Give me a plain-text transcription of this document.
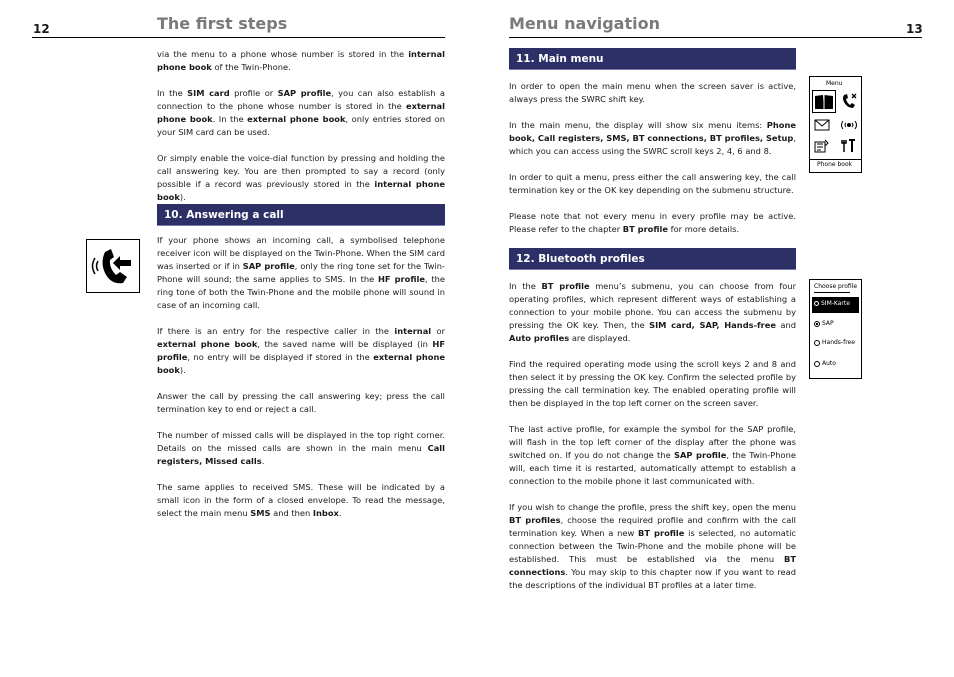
12	The first steps

via the menu to a phone whose number is stored in the internal phone book of the Twin-Phone.

In the SIM card profile or SAP profile, you can also establish a connection to the phone whose number is stored in the external phone book. In the external phone book, only entries stored on your SIM card can be used.

Or simply enable the voice-dial function by pressing and holding the call answering key. You are then prompted to say a record (only possible if a record was previously stored in the internal phone book).

10. Answering a call

If your phone shows an incoming call, a symbolised telephone receiver icon will be displayed on the Twin-Phone. When the SIM card was inserted or if in SAP profile, only the ring tone set for the Twin-Phone will sound; the same applies to SMS. In the HF profile, the ring tone of both the Twin-Phone and the mobile phone will sound in case of an incoming call.

If there is an entry for the respective caller in the internal or external phone book, the saved name will be displayed (in HF profile, no entry will be displayed if stored in the external phone book).

Answer the call by pressing the call answering key; press the call termination key to end or reject a call.

The number of missed calls will be displayed in the top right corner. Details on the missed calls are shown in the main menu Call registers, Missed calls.

The same applies to received SMS. These will be indicated by a small icon in the form of a closed envelope. To read the message, select the main menu SMS and then Inbox.

Menu navigation	13
11. Main menu

In order to open the main menu when the screen saver is active, always press the SWRC shift key.

In the main menu, the display will show six menu items: Phone book, Call registers, SMS, BT connections, BT profiles, Setup, which you can access using the SWRC scroll keys 2, 4, 6 and 8.

In order to quit a menu, press either the call answering key, the call termination key or the OK key depending on the submenu structure.

Please note that not every menu in every profile may be active. Please refer to the chapter BT profile for more details.

12. Bluetooth profiles

In the BT profile menu’s submenu, you can choose from four operating profiles, which represent different ways of establishing a connection to your mobile phone. You can access the submenu by pressing the OK key. Then, the SIM card, SAP, Hands-free and Auto profiles are displayed.

Find the required operating mode using the scroll keys 2 and 8 and then select it by pressing the OK key. Confirm the selected profile by pressing the call termination key. The enabled operating profile will then be displayed in the top left corner on the screen saver.

The last active profile, for example the symbol for the SAP profile, will flash in the top left corner of the display after the phone was switched on. If you do not change the SAP profile, the Twin-Phone will, each time it is restarted, automatically attempt to establish a connection to the mobile phone it last communicated with.

If you wish to change the profile, press the shift key, open the menu BT profiles, choose the required profile and confirm with the call termination key. When a new BT profile is selected, no automatic connection between the Twin-Phone and the mobile phone will be established. This must be established via the menu BT connections. You may skip to this chapter now if you want to read the descriptions of the individual BT profiles at a later time.

Menu
Phone book
Choose profile
SIM-Karte
SAP
Hands-free
Auto
